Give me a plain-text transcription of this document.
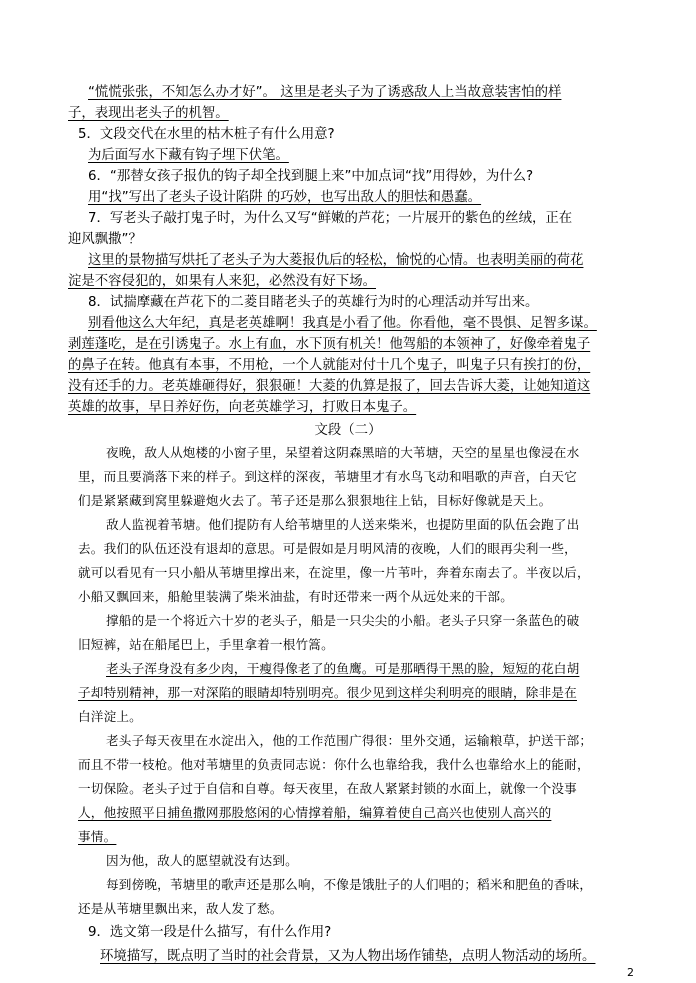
“慌慌张张，不知怎么办才好”。 这里是老头子为了诱惑敌人上当故意装害怕的样
子，表现出老头子的机智。
5．文段交代在水里的枯木桩子有什么用意?
为后面写水下藏有钩子埋下伏笔。
6．“那替女孩子报仇的钩子却全找到腿上来”中加点词“找”用得妙，为什么?
用“找”写出了老头子设计陷阱 的巧妙，也写出敌人的胆怯和愚蠢。
7．写老头子敲打鬼子时，为什么又写“鲜嫩的芦花；一片展开的紫色的丝绒，正在
迎风飘撒”？
这里的景物描写烘托了老头子为大菱报仇后的轻松，愉悦的心情。也表明美丽的荷花
淀是不容侵犯的，如果有人来犯，必然没有好下场。
8．试揣摩藏在芦花下的二菱目睹老头子的英雄行为时的心理活动并写出来。
别看他这么大年纪，真是老英雄啊！我真是小看了他。你看他，毫不畏惧、足智多谋。
剥莲蓬吃，是在引诱鬼子。水上有血，水下顶有机关！他驾船的本领神了，好像牵着鬼子
的鼻子在转。他真有本事，不用枪，一个人就能对付十几个鬼子，叫鬼子只有挨打的份，
没有还手的力。老英雄砸得好，狠狠砸！大菱的仇算是报了，回去告诉大菱，让她知道这
英雄的故事，早日养好伤，向老英雄学习，打败日本鬼子。
文段（二）
夜晚，敌人从炮楼的小窗子里，呆望着这阴森黑暗的大苇塘，天空的星星也像浸在水
里，而且要淌落下来的样子。到这样的深夜，苇塘里才有水鸟飞动和唱歌的声音，白天它
们是紧紧藏到窝里躲避炮火去了。苇子还是那么狠狠地往上钻，目标好像就是天上。
敌人监视着苇塘。他们提防有人给苇塘里的人送来柴米，也提防里面的队伍会跑了出
去。我们的队伍还没有退却的意思。可是假如是月明风清的夜晚，人们的眼再尖利一些，
就可以看见有一只小船从苇塘里撑出来，在淀里，像一片苇叶，奔着东南去了。半夜以后，
小船又飘回来，船舱里装满了柴米油盐，有时还带来一两个从远处来的干部。
撑船的是一个将近六十岁的老头子，船是一只尖尖的小船。老头子只穿一条蓝色的破
旧短裤，站在船尾巴上，手里拿着一根竹篙。
老头子浑身没有多少肉，干瘦得像老了的鱼鹰。可是那晒得干黑的脸，短短的花白胡
子却特别精神，那一对深陷的眼睛却特别明亮。很少见到这样尖利明亮的眼睛，除非是在
白洋淀上。
老头子每天夜里在水淀出入，他的工作范围广得很：里外交通，运输粮草，护送干部；
而且不带一枝枪。他对苇塘里的负责同志说：你什么也靠给我，我什么也靠给水上的能耐，
一切保险。老头子过于自信和自尊。每天夜里，在敌人紧紧封锁的水面上，就像一个没事
人，他按照平日捕鱼撒网那股悠闲的心情撑着船，编算着使自己高兴也使别人高兴的
事情。
因为他，敌人的愿望就没有达到。
每到傍晚，苇塘里的歌声还是那么响，不像是饿肚子的人们唱的；稻米和肥鱼的香味，
还是从苇塘里飘出来，敌人发了愁。
9．选文第一段是什么描写，有什么作用?
环境描写，既点明了当时的社会背景，又为人物出场作铺垫，点明人物活动的场所。
2
